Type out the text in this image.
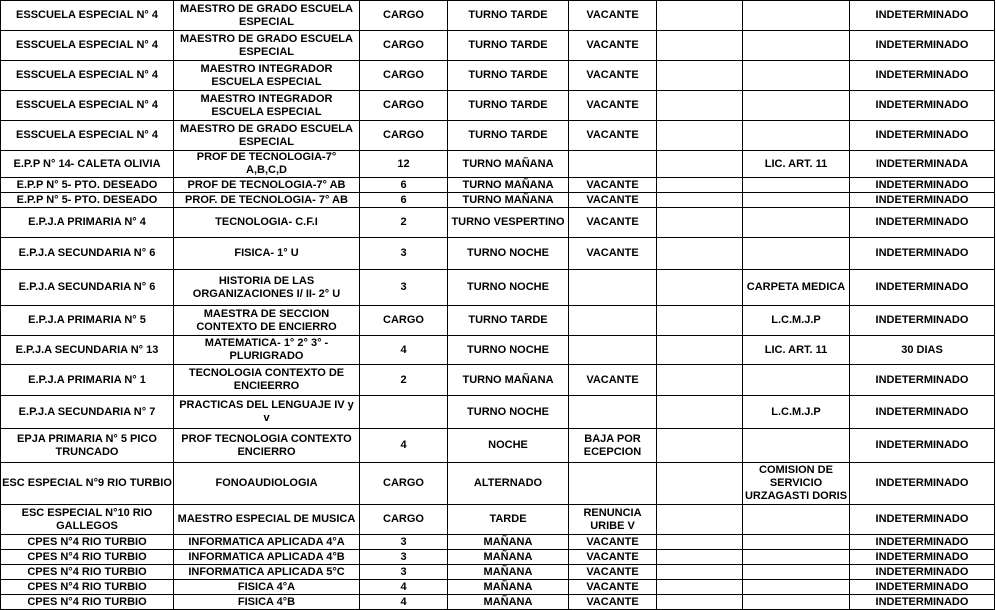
ESSCUELA ESPECIAL N° 4	MAESTRO DE GRADO ESCUELA ESPECIAL	CARGO	TURNO TARDE	VACANTE			INDETERMINADO
ESSCUELA ESPECIAL N° 4	MAESTRO DE GRADO ESCUELA ESPECIAL	CARGO	TURNO TARDE	VACANTE			INDETERMINADO
ESSCUELA ESPECIAL N° 4	MAESTRO INTEGRADOR ESCUELA ESPECIAL	CARGO	TURNO TARDE	VACANTE			INDETERMINADO
ESSCUELA ESPECIAL N° 4	MAESTRO INTEGRADOR ESCUELA ESPECIAL	CARGO	TURNO TARDE	VACANTE			INDETERMINADO
ESSCUELA ESPECIAL N° 4	MAESTRO DE GRADO ESCUELA ESPECIAL	CARGO	TURNO TARDE	VACANTE			INDETERMINADO
E.P.P N° 14- CALETA OLIVIA	PROF DE TECNOLOGIA-7° A,B,C,D	12	TURNO MAÑANA			LIC. ART. 11	INDETERMINADA
E.P.P N° 5- PTO. DESEADO	PROF DE TECNOLOGIA-7° AB	6	TURNO MAÑANA	VACANTE			INDETERMINADO
E.P.P N° 5- PTO. DESEADO	PROF. DE TECNOLOGIA- 7° AB	6	TURNO MAÑANA	VACANTE			INDETERMINADO
E.P.J.A PRIMARIA N° 4	TECNOLOGIA- C.F.I	2	TURNO VESPERTINO	VACANTE			INDETERMINADO
E.P.J.A SECUNDARIA N° 6	FISICA- 1° U	3	TURNO NOCHE	VACANTE			INDETERMINADO
E.P.J.A SECUNDARIA N° 6	HISTORIA DE LAS ORGANIZACIONES I/ II- 2° U	3	TURNO NOCHE			CARPETA MEDICA	INDETERMINADO
E.P.J.A PRIMARIA N° 5	MAESTRA DE SECCION CONTEXTO DE ENCIERRO	CARGO	TURNO TARDE			L.C.M.J.P	INDETERMINADO
E.P.J.A SECUNDARIA N° 13	MATEMATICA- 1° 2° 3° - PLURIGRADO	4	TURNO NOCHE			LIC. ART. 11	30 DIAS
E.P.J.A PRIMARIA N° 1	TECNOLOGIA CONTEXTO DE ENCIEERRO	2	TURNO MAÑANA	VACANTE			INDETERMINADO
E.P.J.A SECUNDARIA N° 7	PRACTICAS DEL LENGUAJE IV y v		TURNO NOCHE			L.C.M.J.P	INDETERMINADO
EPJA PRIMARIA N° 5 PICO TRUNCADO	PROF TECNOLOGIA CONTEXTO ENCIERRO	4	NOCHE	BAJA POR ECEPCION			INDETERMINADO
ESC ESPECIAL N°9 RIO TURBIO	FONOAUDIOLOGIA	CARGO	ALTERNADO			COMISION DE SERVICIO URZAGASTI DORIS	INDETERMINADO
ESC ESPECIAL N°10 RIO GALLEGOS	MAESTRO ESPECIAL DE MUSICA	CARGO	TARDE	RENUNCIA URIBE V			INDETERMINADO
CPES N°4 RIO TURBIO	INFORMATICA APLICADA 4°A	3	MAÑANA	VACANTE			INDETERMINADO
CPES N°4 RIO TURBIO	INFORMATICA APLICADA 4°B	3	MAÑANA	VACANTE			INDETERMINADO
CPES N°4 RIO TURBIO	INFORMATICA APLICADA 5°C	3	MAÑANA	VACANTE			INDETERMINADO
CPES N°4 RIO TURBIO	FISICA 4°A	4	MAÑANA	VACANTE			INDETERMINADO
CPES N°4 RIO TURBIO	FISICA 4°B	4	MAÑANA	VACANTE			INDETERMINADO
